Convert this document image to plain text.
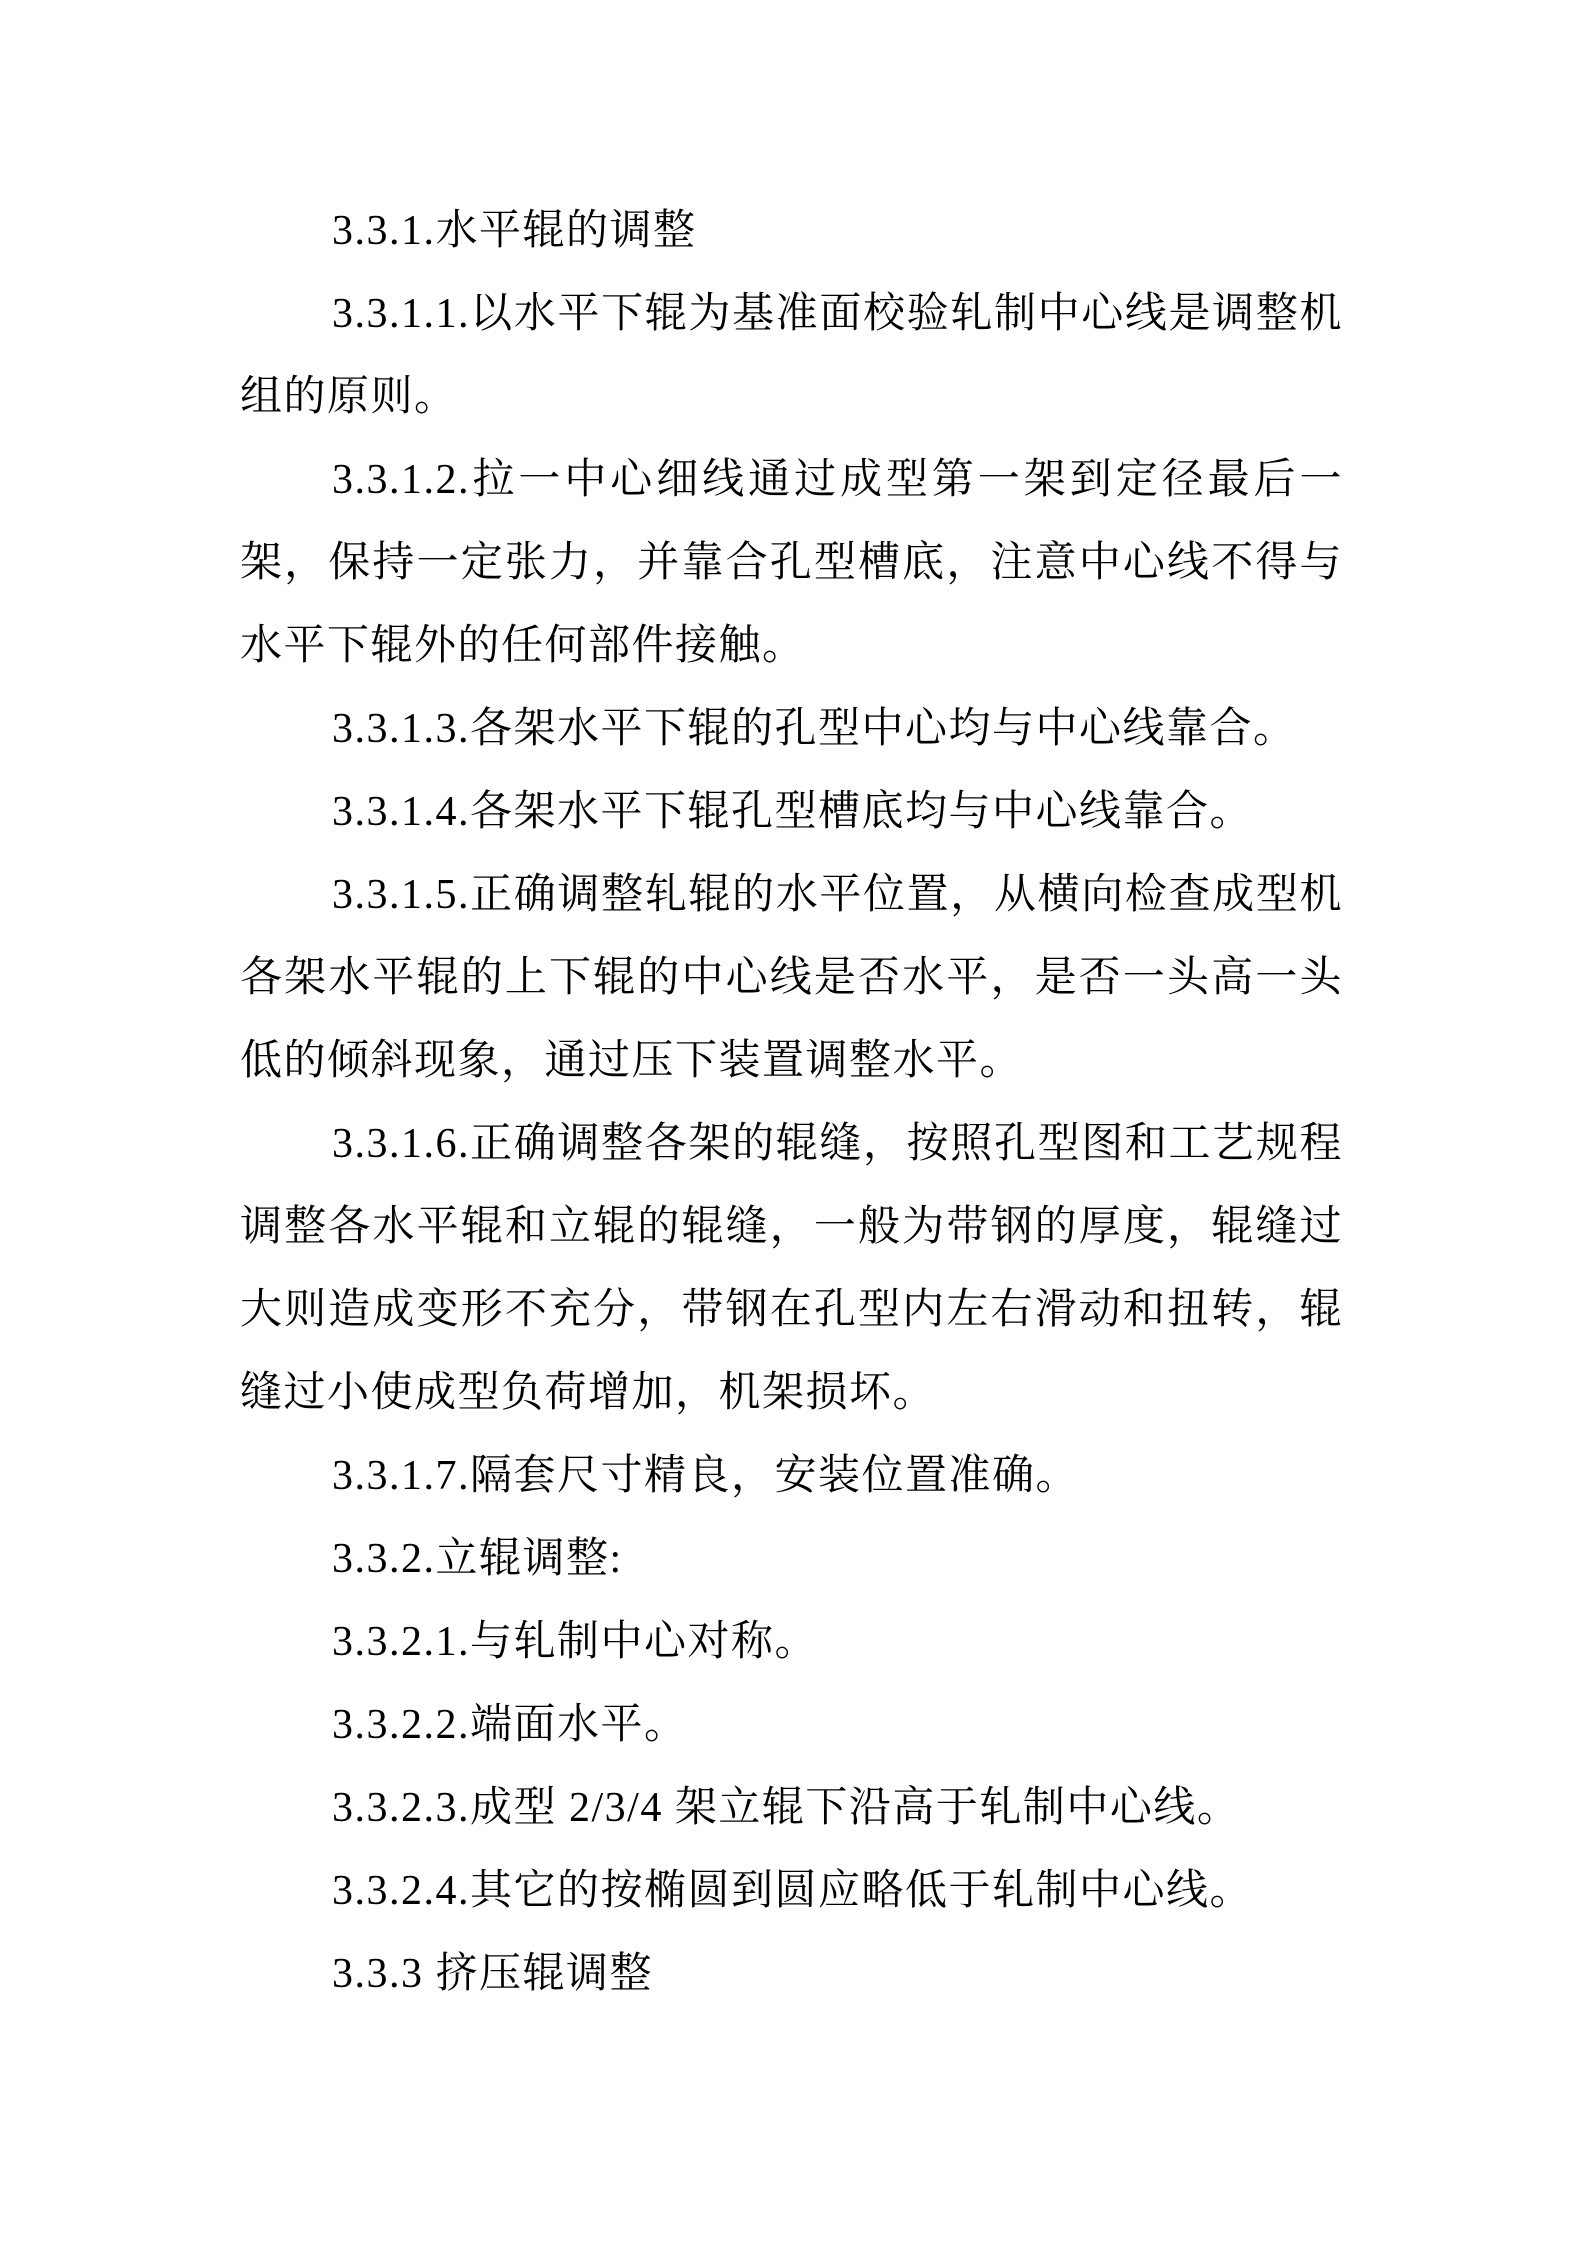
3.3.1.水平辊的调整

3.3.1.1.以水平下辊为基准面校验轧制中心线是调整机组的原则。

3.3.1.2.拉一中心细线通过成型第一架到定径最后一架，保持一定张力，并靠合孔型槽底，注意中心线不得与水平下辊外的任何部件接触。

3.3.1.3.各架水平下辊的孔型中心均与中心线靠合。

3.3.1.4.各架水平下辊孔型槽底均与中心线靠合。

3.3.1.5.正确调整轧辊的水平位置，从横向检查成型机各架水平辊的上下辊的中心线是否水平，是否一头高一头低的倾斜现象，通过压下装置调整水平。

3.3.1.6.正确调整各架的辊缝，按照孔型图和工艺规程调整各水平辊和立辊的辊缝，一般为带钢的厚度，辊缝过大则造成变形不充分，带钢在孔型内左右滑动和扭转，辊缝过小使成型负荷增加，机架损坏。

3.3.1.7.隔套尺寸精良，安装位置准确。

3.3.2.立辊调整:

3.3.2.1.与轧制中心对称。

3.3.2.2.端面水平。

3.3.2.3.成型 2/3/4 架立辊下沿高于轧制中心线。

3.3.2.4.其它的按椭圆到圆应略低于轧制中心线。

3.3.3 挤压辊调整
